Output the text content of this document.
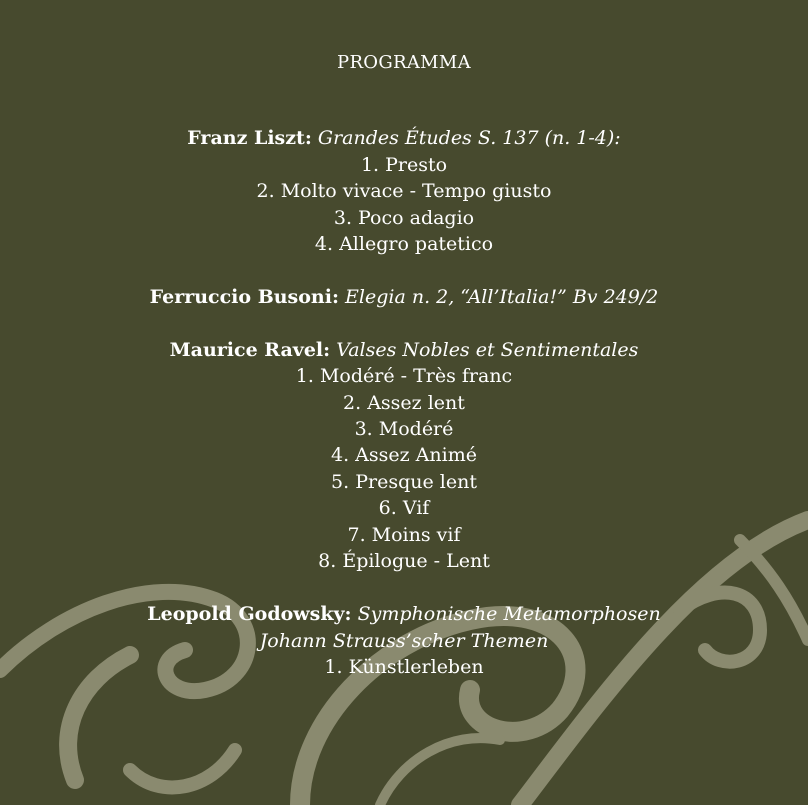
PROGRAMMA
Franz Liszt: Grandes Études S. 137 (n. 1-4):
1. Presto
2. Molto vivace - Tempo giusto
3. Poco adagio
4. Allegro patetico
Ferruccio Busoni: Elegia n. 2, “All’Italia!” Bv 249/2
Maurice Ravel: Valses Nobles et Sentimentales
1. Modéré - Très franc
2. Assez lent
3. Modéré
4. Assez Animé
5. Presque lent
6. Vif
7. Moins vif
8. Épilogue - Lent
Leopold Godowsky: Symphonische Metamorphosen
Johann Strauss’scher Themen
1. Künstlerleben
